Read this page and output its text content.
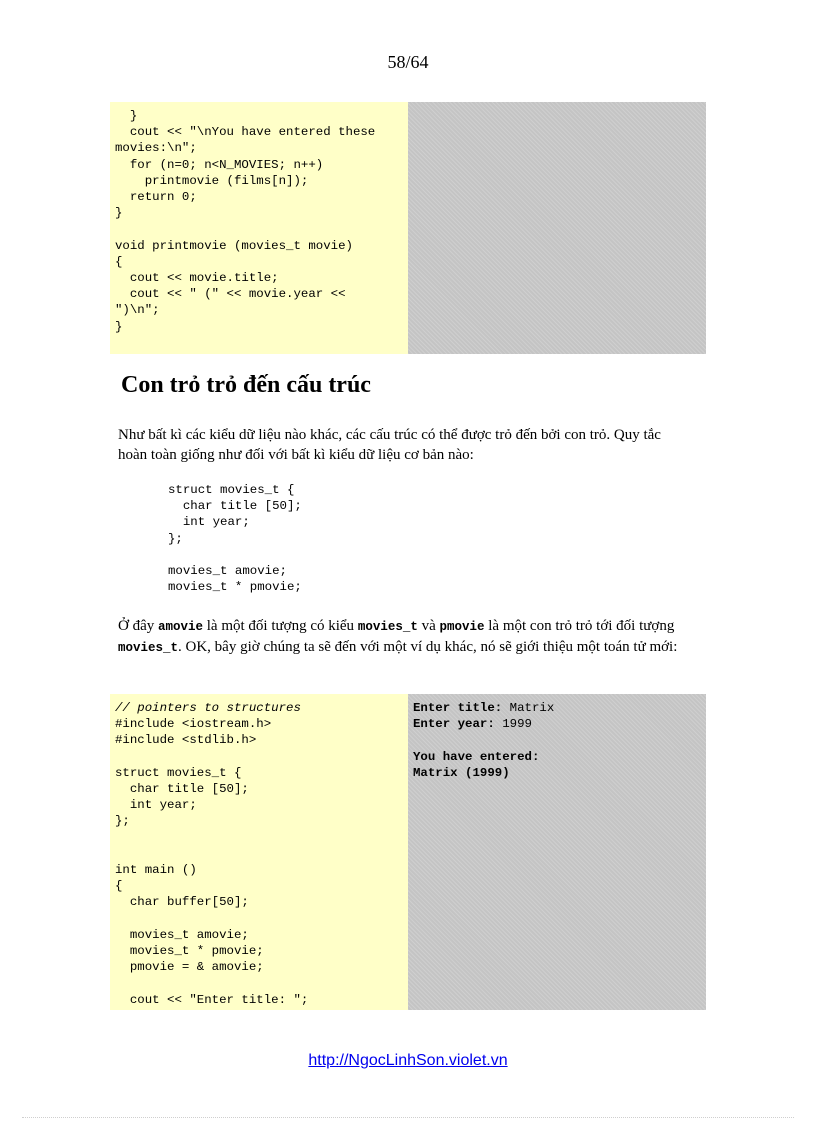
58/64
}
cout << "\nYou have entered these
movies:\n";
for (n=0; n<N_MOVIES; n++)
printmovie (films[n]);
return 0;
}

void printmovie (movies_t movie)
{
cout << movie.title;
cout << " (" << movie.year <<
")\n";
}
Con trỏ trỏ đến cấu trúc
Như bất kì các kiểu dữ liệu nào khác, các cấu trúc có thể được trỏ đến bởi con trỏ. Quy tắc hoàn toàn giống như đối với bất kì kiểu dữ liệu cơ bản nào:
struct movies_t {
char title [50];
int year;
};

movies_t amovie;
movies_t * pmovie;
Ở đây amovie là một đối tượng có kiểu movies_t và pmovie là một con trỏ trỏ tới đối tượng movies_t. OK, bây giờ chúng ta sẽ đến với một ví dụ khác, nó sẽ giới thiệu một toán tử mới:
// pointers to structures
#include <iostream.h>
#include <stdlib.h>

struct movies_t {
char title [50];
int year;
};

int main ()
{
char buffer[50];

movies_t amovie;
movies_t * pmovie;
pmovie = & amovie;

cout << "Enter title: ";
Enter title: Matrix
Enter year: 1999

You have entered:
Matrix (1999)
http://NgocLinhSon.violet.vn
